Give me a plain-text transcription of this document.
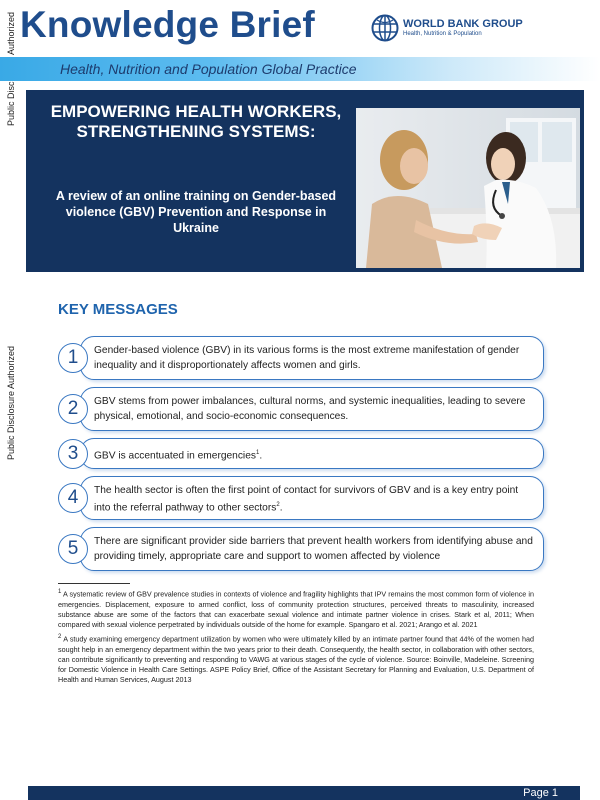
Public Disclosure Authorized
Knowledge Brief	WORLD BANK GROUP
Health, Nutrition & Population
Health, Nutrition and Population Global Practice
EMPOWERING HEALTH WORKERS, STRENGTHENING SYSTEMS:
A review of an online training on Gender-based violence (GBV) Prevention and Response in Ukraine
KEY MESSAGES
1	Gender-based violence (GBV) in its various forms is the most extreme manifestation of gender inequality and it disproportionately affects women and girls.
2	GBV stems from power imbalances, cultural norms, and systemic inequalities, leading to severe physical, emotional, and socio-economic consequences.
3	GBV is accentuated in emergencies$^1$.
4	The health sector is often the first point of contact for survivors of GBV and is a key entry point into the referral pathway to other sectors$^2$.
5	There are significant provider side barriers that prevent health workers from identifying abuse and providing timely, appropriate care and support to women affected by violence
$^1$ A systematic review of GBV prevalence studies in contexts of violence and fragility highlights that IPV remains the most common form of violence in emergencies. Displacement, exposure to armed conflict, loss of community protection structures, perceived threats to masculinity, increased substance abuse are some of the factors that can exacerbate sexual violence and intimate partner violence in crises. Stark et al, 2011; When compared with sexual violence perpetrated by individuals outside of the home for example. Spangaro et al. 2021; Arango et al. 2021
$^2$ A study examining emergency department utilization by women who were ultimately killed by an intimate partner found that 44% of the women had sought help in an emergency department within the two years prior to their death. Consequently, the health sector, in collaboration with other sectors, can contribute significantly to preventing and responding to VAWG at various stages of the cycle of violence. Source: Boinville, Madeleine. Screening for Domestic Violence in Health Care Settings. ASPE Policy Brief, Office of the Assistant Secretary for Planning and Evaluation, U.S. Department of Health and Human Services, August 2013
Page 1
